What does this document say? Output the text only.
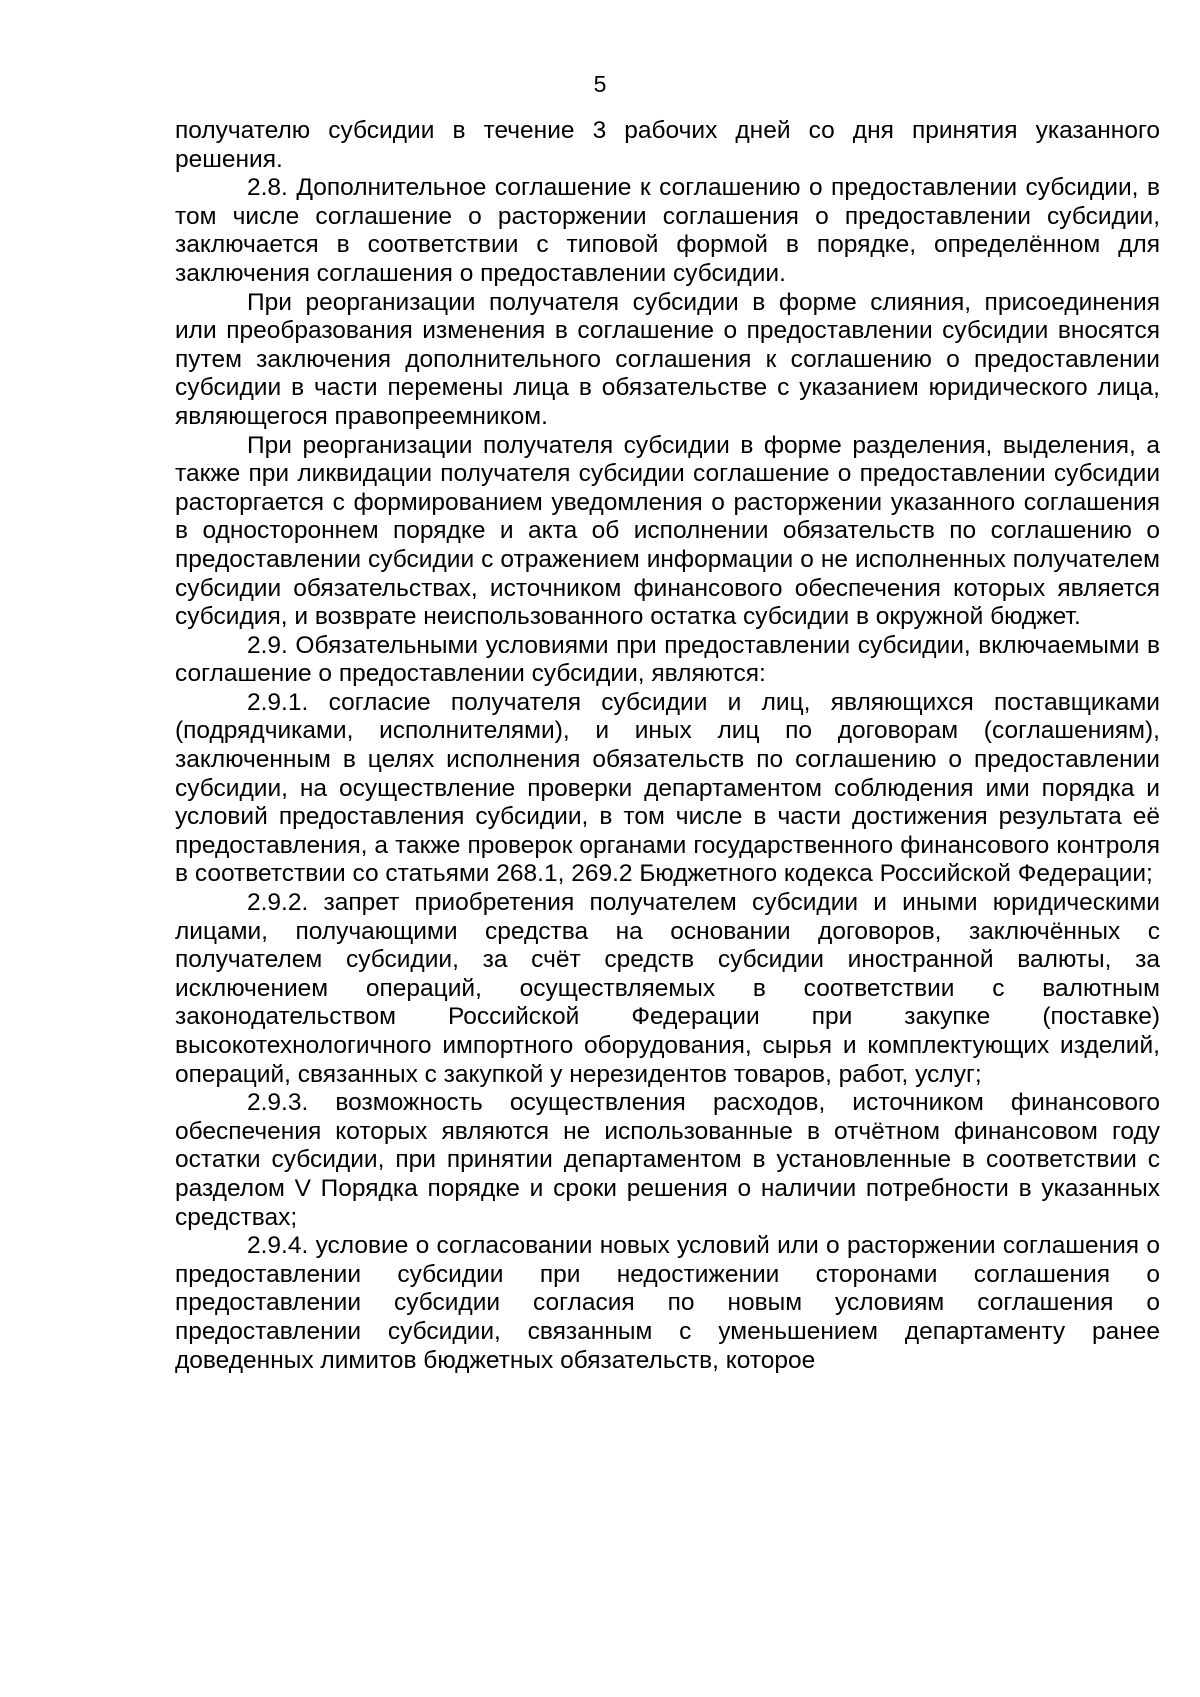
5

получателю субсидии в течение 3 рабочих дней со дня принятия указанного решения.

2.8. Дополнительное соглашение к соглашению о предоставлении субсидии, в том числе соглашение о расторжении соглашения о предоставлении субсидии, заключается в соответствии с типовой формой в порядке, определённом для заключения соглашения о предоставлении субсидии.

При реорганизации получателя субсидии в форме слияния, присоединения или преобразования изменения в соглашение о предоставлении субсидии вносятся путем заключения дополнительного соглашения к соглашению о предоставлении субсидии в части перемены лица в обязательстве с указанием юридического лица, являющегося правопреемником.

При реорганизации получателя субсидии в форме разделения, выделения, а также при ликвидации получателя субсидии соглашение о предоставлении субсидии расторгается с формированием уведомления о расторжении указанного соглашения в одностороннем порядке и акта об исполнении обязательств по соглашению о предоставлении субсидии с отражением информации о не исполненных получателем субсидии обязательствах, источником финансового обеспечения которых является субсидия, и возврате неиспользованного остатка субсидии в окружной бюджет.

2.9. Обязательными условиями при предоставлении субсидии, включаемыми в соглашение о предоставлении субсидии, являются:

2.9.1. согласие получателя субсидии и лиц, являющихся поставщиками (подрядчиками, исполнителями), и иных лиц по договорам (соглашениям), заключенным в целях исполнения обязательств по соглашению о предоставлении субсидии, на осуществление проверки департаментом соблюдения ими порядка и условий предоставления субсидии, в том числе в части достижения результата её предоставления, а также проверок органами государственного финансового контроля в соответствии со статьями 268.1, 269.2 Бюджетного кодекса Российской Федерации;

2.9.2. запрет приобретения получателем субсидии и иными юридическими лицами, получающими средства на основании договоров, заключённых с получателем субсидии, за счёт средств субсидии иностранной валюты, за исключением операций, осуществляемых в соответствии с валютным законодательством Российской Федерации при закупке (поставке) высокотехнологичного импортного оборудования, сырья и комплектующих изделий, операций, связанных с закупкой у нерезидентов товаров, работ, услуг;

2.9.3. возможность осуществления расходов, источником финансового обеспечения которых являются не использованные в отчётном финансовом году остатки субсидии, при принятии департаментом в установленные в соответствии с разделом V Порядка порядке и сроки решения о наличии потребности в указанных средствах;

2.9.4. условие о согласовании новых условий или о расторжении соглашения о предоставлении субсидии при недостижении сторонами соглашения о предоставлении субсидии согласия по новым условиям соглашения о предоставлении субсидии, связанным с уменьшением департаменту ранее доведенных лимитов бюджетных обязательств, которое
